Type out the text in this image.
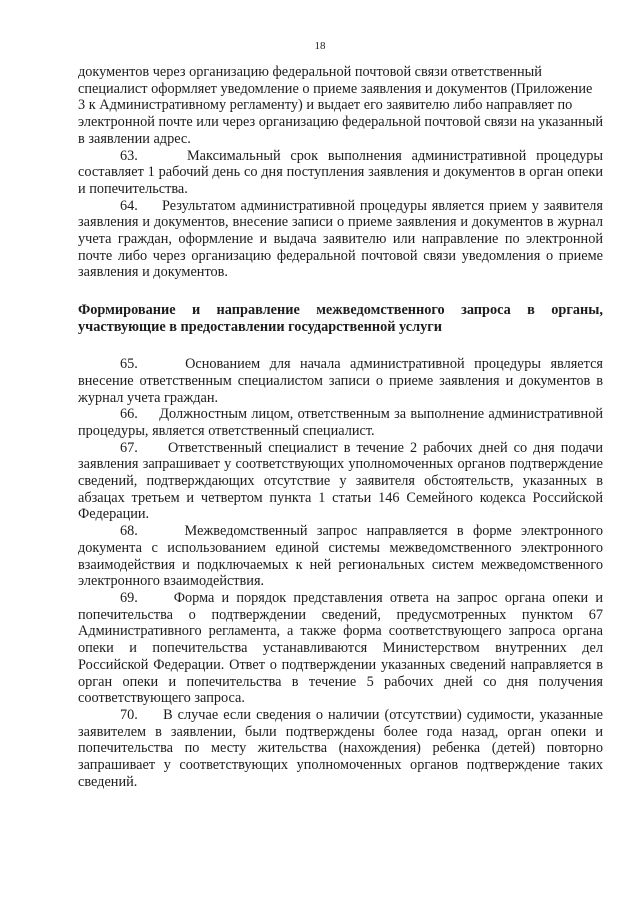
18

документов через организацию федеральной почтовой связи ответственный специалист оформляет уведомление о приеме заявления и документов (Приложение 3 к Административному регламенту) и выдает его заявителю либо направляет по электронной почте или через организацию федеральной почтовой связи на указанный в заявлении адрес.

63.     Максимальный срок выполнения административной процедуры составляет 1 рабочий день со дня поступления заявления и документов в орган опеки и попечительства.

64.     Результатом административной процедуры является прием у заявителя заявления и документов, внесение записи о приеме заявления и документов в журнал учета граждан, оформление и выдача заявителю или направление по электронной почте либо через организацию федеральной почтовой связи уведомления о приеме заявления и документов.

Формирование и направление межведомственного запроса в органы, участвующие в предоставлении государственной услуги

65.     Основанием для начала административной процедуры является внесение ответственным специалистом записи о приеме заявления и документов в журнал учета граждан.

66.     Должностным лицом, ответственным за выполнение административной процедуры, является ответственный специалист.

67.     Ответственный специалист в течение 2 рабочих дней со дня подачи заявления запрашивает у соответствующих уполномоченных органов подтверждение сведений, подтверждающих отсутствие у заявителя обстоятельств, указанных в абзацах третьем и четвертом пункта 1 статьи 146 Семейного кодекса Российской Федерации.

68.     Межведомственный запрос направляется в форме электронного документа с использованием единой системы межведомственного электронного взаимодействия и подключаемых к ней региональных систем межведомственного электронного взаимодействия.

69.     Форма и порядок представления ответа на запрос органа опеки и попечительства о подтверждении сведений, предусмотренных пунктом 67 Административного регламента, а также форма соответствующего запроса органа опеки и попечительства устанавливаются Министерством внутренних дел Российской Федерации. Ответ о подтверждении указанных сведений направляется в орган опеки и попечительства в течение 5 рабочих дней со дня получения соответствующего запроса.

70.     В случае если сведения о наличии (отсутствии) судимости, указанные заявителем в заявлении, были подтверждены более года назад, орган опеки и попечительства по месту жительства (нахождения) ребенка (детей) повторно запрашивает у соответствующих уполномоченных органов подтверждение таких сведений.
